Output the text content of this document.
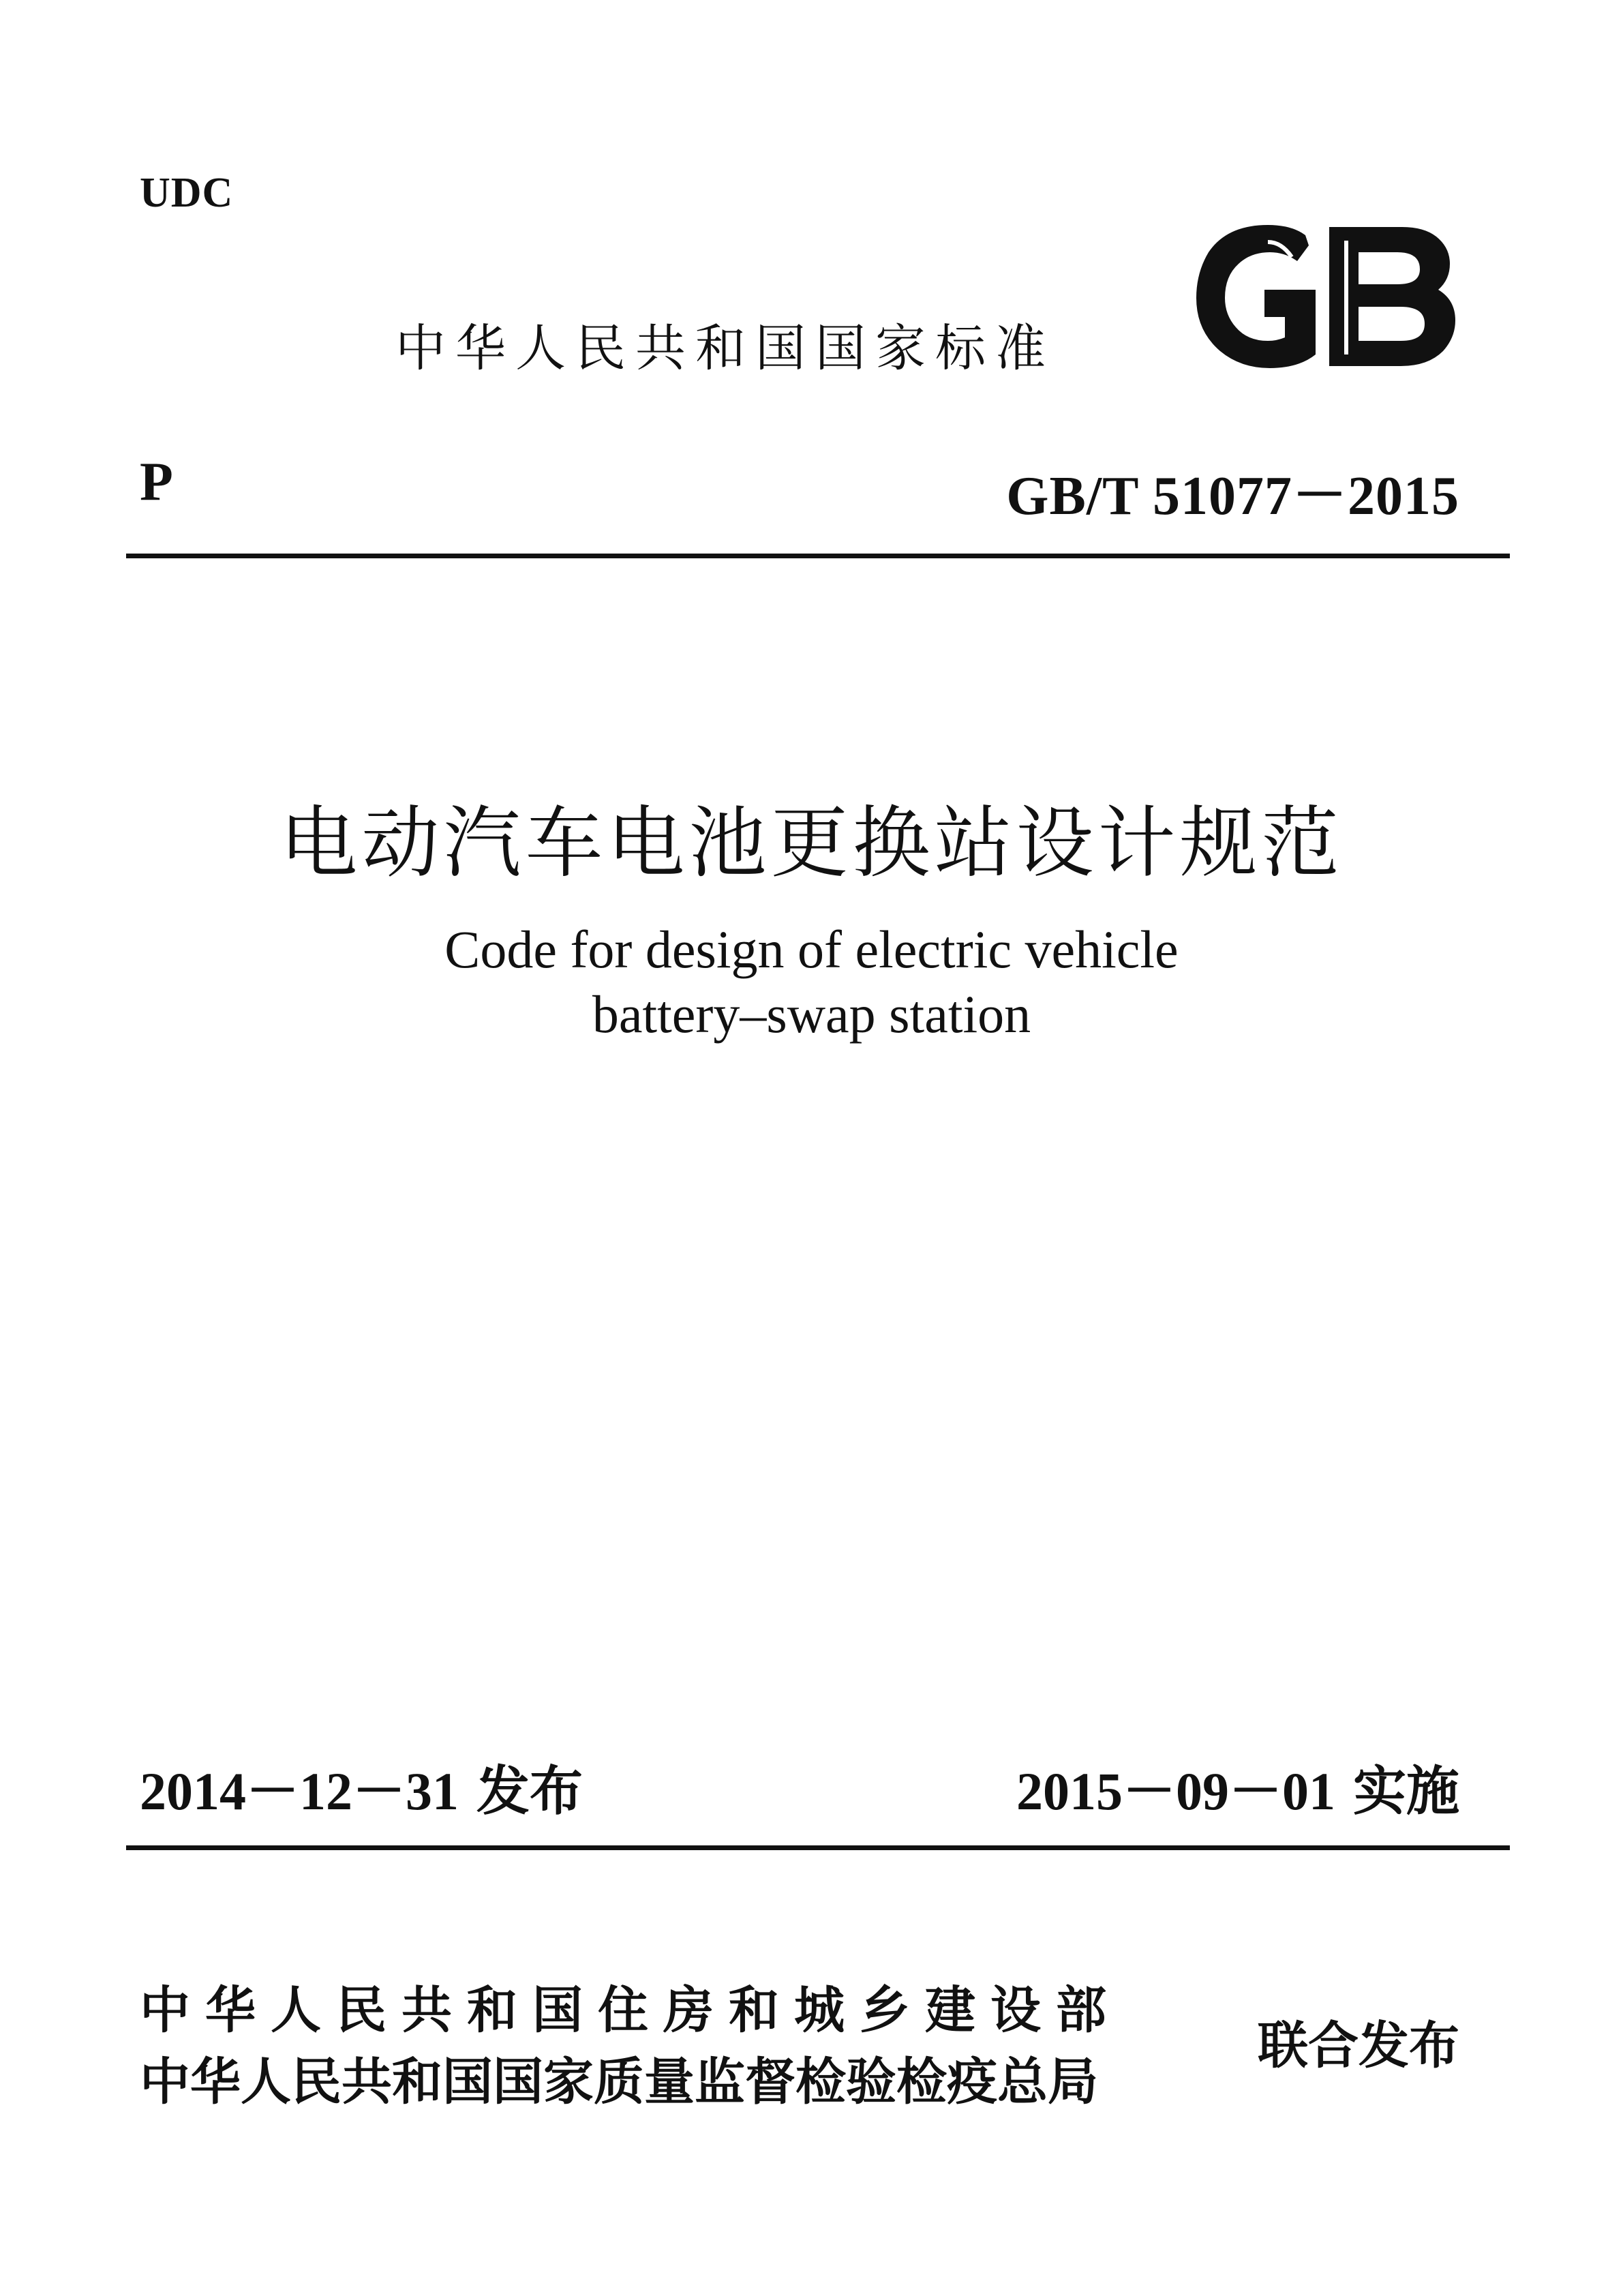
UDC
中华人民共和国国家标准
P	GB/T 51077－2015
电动汽车电池更换站设计规范
Code for design of electric vehicle
battery–swap station
2014－12－31 发布	2015－09－01 实施
中华人民共和国住房和城乡建设部
中华人民共和国国家质量监督检验检疫总局
联合发布
